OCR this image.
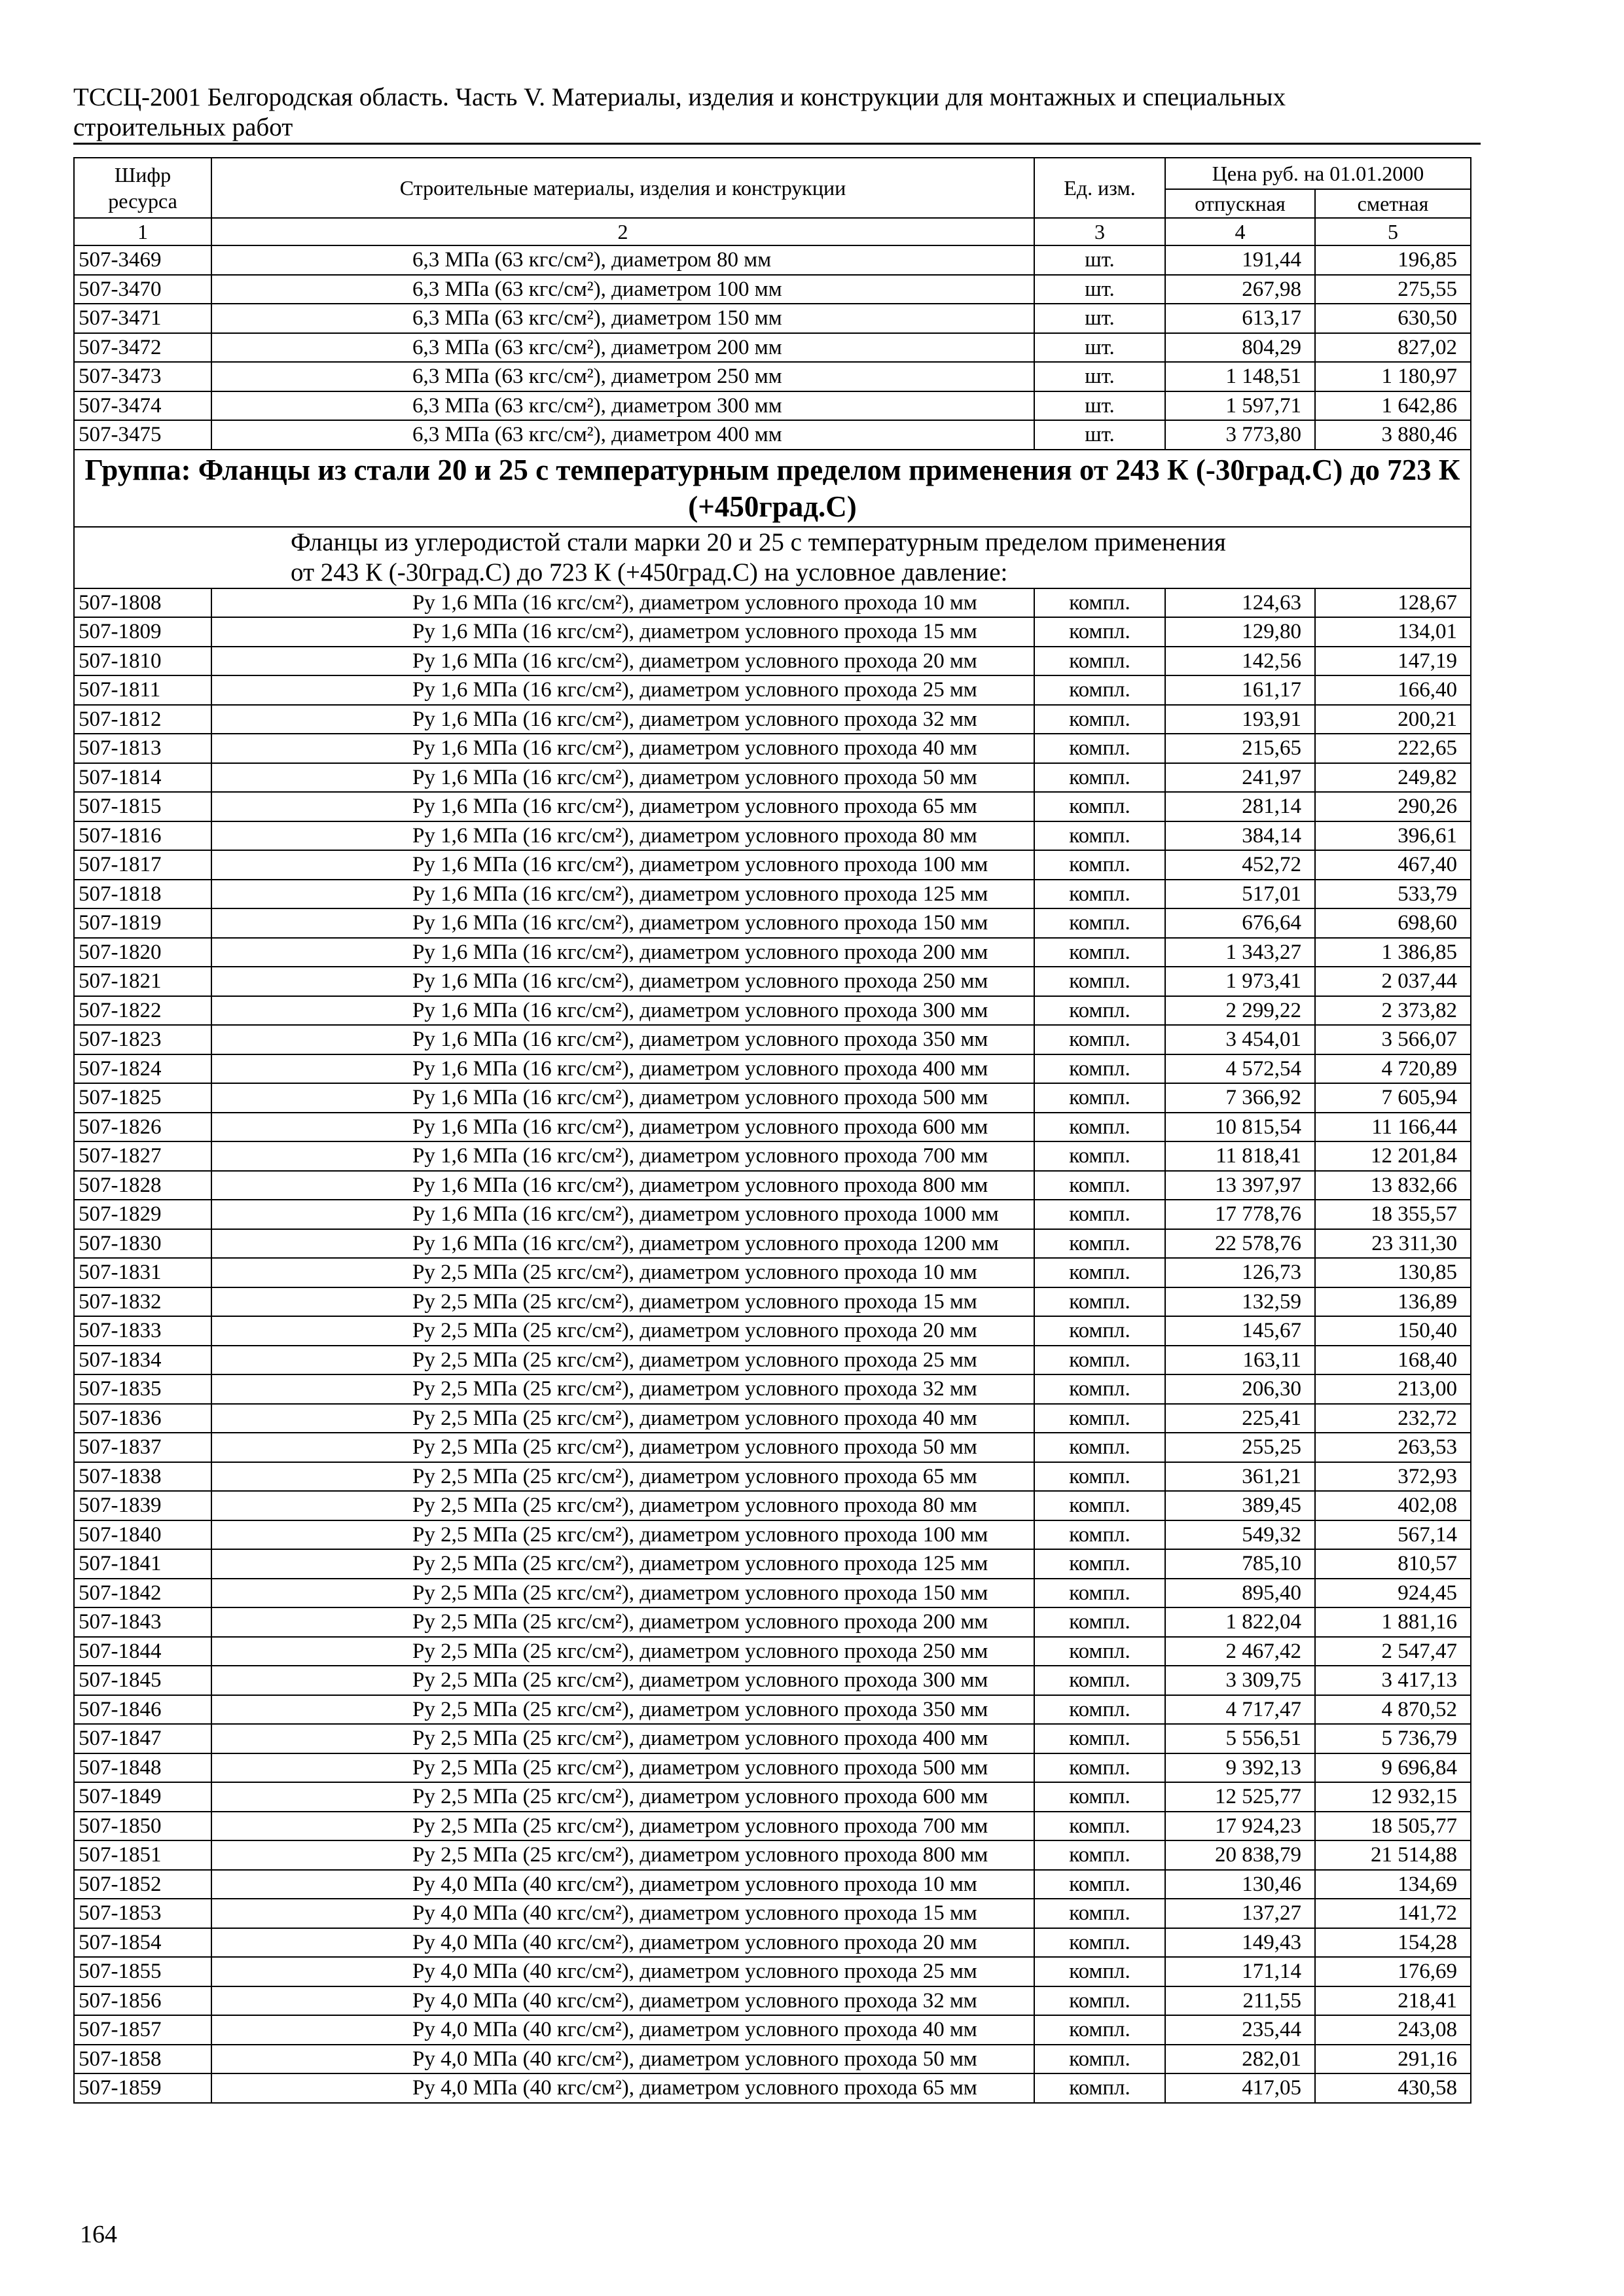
ТССЦ-2001 Белгородская область. Часть V. Материалы, изделия и конструкции для монтажных и специальных
строительных работ
Шифр ресурса	Строительные материалы, изделия и конструкции	Ед. изм.	Цена руб. на 01.01.2000	
			отпускная	сметная
1	2	3	4	5
507-3469	6,3 МПа (63 кгс/см²), диаметром 80 мм	шт.	191,44	196,85
507-3470	6,3 МПа (63 кгс/см²), диаметром 100 мм	шт.	267,98	275,55
507-3471	6,3 МПа (63 кгс/см²), диаметром 150 мм	шт.	613,17	630,50
507-3472	6,3 МПа (63 кгс/см²), диаметром 200 мм	шт.	804,29	827,02
507-3473	6,3 МПа (63 кгс/см²), диаметром 250 мм	шт.	1 148,51	1 180,97
507-3474	6,3 МПа (63 кгс/см²), диаметром 300 мм	шт.	1 597,71	1 642,86
507-3475	6,3 МПа (63 кгс/см²), диаметром 400 мм	шт.	3 773,80	3 880,46
Группа: Фланцы из стали 20 и 25 с температурным пределом применения от 243 К (-30град.С) до 723 К (+450град.С)				
Фланцы из углеродистой стали марки 20 и 25 с температурным пределом применения от 243 К (-30град.С) до 723 К (+450град.С) на условное давление:				
507-1808	Ру 1,6 МПа (16 кгс/см²), диаметром условного прохода 10 мм	компл.	124,63	128,67
507-1809	Ру 1,6 МПа (16 кгс/см²), диаметром условного прохода 15 мм	компл.	129,80	134,01
507-1810	Ру 1,6 МПа (16 кгс/см²), диаметром условного прохода 20 мм	компл.	142,56	147,19
507-1811	Ру 1,6 МПа (16 кгс/см²), диаметром условного прохода 25 мм	компл.	161,17	166,40
507-1812	Ру 1,6 МПа (16 кгс/см²), диаметром условного прохода 32 мм	компл.	193,91	200,21
507-1813	Ру 1,6 МПа (16 кгс/см²), диаметром условного прохода 40 мм	компл.	215,65	222,65
507-1814	Ру 1,6 МПа (16 кгс/см²), диаметром условного прохода 50 мм	компл.	241,97	249,82
507-1815	Ру 1,6 МПа (16 кгс/см²), диаметром условного прохода 65 мм	компл.	281,14	290,26
507-1816	Ру 1,6 МПа (16 кгс/см²), диаметром условного прохода 80 мм	компл.	384,14	396,61
507-1817	Ру 1,6 МПа (16 кгс/см²), диаметром условного прохода 100 мм	компл.	452,72	467,40
507-1818	Ру 1,6 МПа (16 кгс/см²), диаметром условного прохода 125 мм	компл.	517,01	533,79
507-1819	Ру 1,6 МПа (16 кгс/см²), диаметром условного прохода 150 мм	компл.	676,64	698,60
507-1820	Ру 1,6 МПа (16 кгс/см²), диаметром условного прохода 200 мм	компл.	1 343,27	1 386,85
507-1821	Ру 1,6 МПа (16 кгс/см²), диаметром условного прохода 250 мм	компл.	1 973,41	2 037,44
507-1822	Ру 1,6 МПа (16 кгс/см²), диаметром условного прохода 300 мм	компл.	2 299,22	2 373,82
507-1823	Ру 1,6 МПа (16 кгс/см²), диаметром условного прохода 350 мм	компл.	3 454,01	3 566,07
507-1824	Ру 1,6 МПа (16 кгс/см²), диаметром условного прохода 400 мм	компл.	4 572,54	4 720,89
507-1825	Ру 1,6 МПа (16 кгс/см²), диаметром условного прохода 500 мм	компл.	7 366,92	7 605,94
507-1826	Ру 1,6 МПа (16 кгс/см²), диаметром условного прохода 600 мм	компл.	10 815,54	11 166,44
507-1827	Ру 1,6 МПа (16 кгс/см²), диаметром условного прохода 700 мм	компл.	11 818,41	12 201,84
507-1828	Ру 1,6 МПа (16 кгс/см²), диаметром условного прохода 800 мм	компл.	13 397,97	13 832,66
507-1829	Ру 1,6 МПа (16 кгс/см²), диаметром условного прохода 1000 мм	компл.	17 778,76	18 355,57
507-1830	Ру 1,6 МПа (16 кгс/см²), диаметром условного прохода 1200 мм	компл.	22 578,76	23 311,30
507-1831	Ру 2,5 МПа (25 кгс/см²), диаметром условного прохода 10 мм	компл.	126,73	130,85
507-1832	Ру 2,5 МПа (25 кгс/см²), диаметром условного прохода 15 мм	компл.	132,59	136,89
507-1833	Ру 2,5 МПа (25 кгс/см²), диаметром условного прохода 20 мм	компл.	145,67	150,40
507-1834	Ру 2,5 МПа (25 кгс/см²), диаметром условного прохода 25 мм	компл.	163,11	168,40
507-1835	Ру 2,5 МПа (25 кгс/см²), диаметром условного прохода 32 мм	компл.	206,30	213,00
507-1836	Ру 2,5 МПа (25 кгс/см²), диаметром условного прохода 40 мм	компл.	225,41	232,72
507-1837	Ру 2,5 МПа (25 кгс/см²), диаметром условного прохода 50 мм	компл.	255,25	263,53
507-1838	Ру 2,5 МПа (25 кгс/см²), диаметром условного прохода 65 мм	компл.	361,21	372,93
507-1839	Ру 2,5 МПа (25 кгс/см²), диаметром условного прохода 80 мм	компл.	389,45	402,08
507-1840	Ру 2,5 МПа (25 кгс/см²), диаметром условного прохода 100 мм	компл.	549,32	567,14
507-1841	Ру 2,5 МПа (25 кгс/см²), диаметром условного прохода 125 мм	компл.	785,10	810,57
507-1842	Ру 2,5 МПа (25 кгс/см²), диаметром условного прохода 150 мм	компл.	895,40	924,45
507-1843	Ру 2,5 МПа (25 кгс/см²), диаметром условного прохода 200 мм	компл.	1 822,04	1 881,16
507-1844	Ру 2,5 МПа (25 кгс/см²), диаметром условного прохода 250 мм	компл.	2 467,42	2 547,47
507-1845	Ру 2,5 МПа (25 кгс/см²), диаметром условного прохода 300 мм	компл.	3 309,75	3 417,13
507-1846	Ру 2,5 МПа (25 кгс/см²), диаметром условного прохода 350 мм	компл.	4 717,47	4 870,52
507-1847	Ру 2,5 МПа (25 кгс/см²), диаметром условного прохода 400 мм	компл.	5 556,51	5 736,79
507-1848	Ру 2,5 МПа (25 кгс/см²), диаметром условного прохода 500 мм	компл.	9 392,13	9 696,84
507-1849	Ру 2,5 МПа (25 кгс/см²), диаметром условного прохода 600 мм	компл.	12 525,77	12 932,15
507-1850	Ру 2,5 МПа (25 кгс/см²), диаметром условного прохода 700 мм	компл.	17 924,23	18 505,77
507-1851	Ру 2,5 МПа (25 кгс/см²), диаметром условного прохода 800 мм	компл.	20 838,79	21 514,88
507-1852	Ру 4,0 МПа (40 кгс/см²), диаметром условного прохода 10 мм	компл.	130,46	134,69
507-1853	Ру 4,0 МПа (40 кгс/см²), диаметром условного прохода 15 мм	компл.	137,27	141,72
507-1854	Ру 4,0 МПа (40 кгс/см²), диаметром условного прохода 20 мм	компл.	149,43	154,28
507-1855	Ру 4,0 МПа (40 кгс/см²), диаметром условного прохода 25 мм	компл.	171,14	176,69
507-1856	Ру 4,0 МПа (40 кгс/см²), диаметром условного прохода 32 мм	компл.	211,55	218,41
507-1857	Ру 4,0 МПа (40 кгс/см²), диаметром условного прохода 40 мм	компл.	235,44	243,08
507-1858	Ру 4,0 МПа (40 кгс/см²), диаметром условного прохода 50 мм	компл.	282,01	291,16
507-1859	Ру 4,0 МПа (40 кгс/см²), диаметром условного прохода 65 мм	компл.	417,05	430,58
164
